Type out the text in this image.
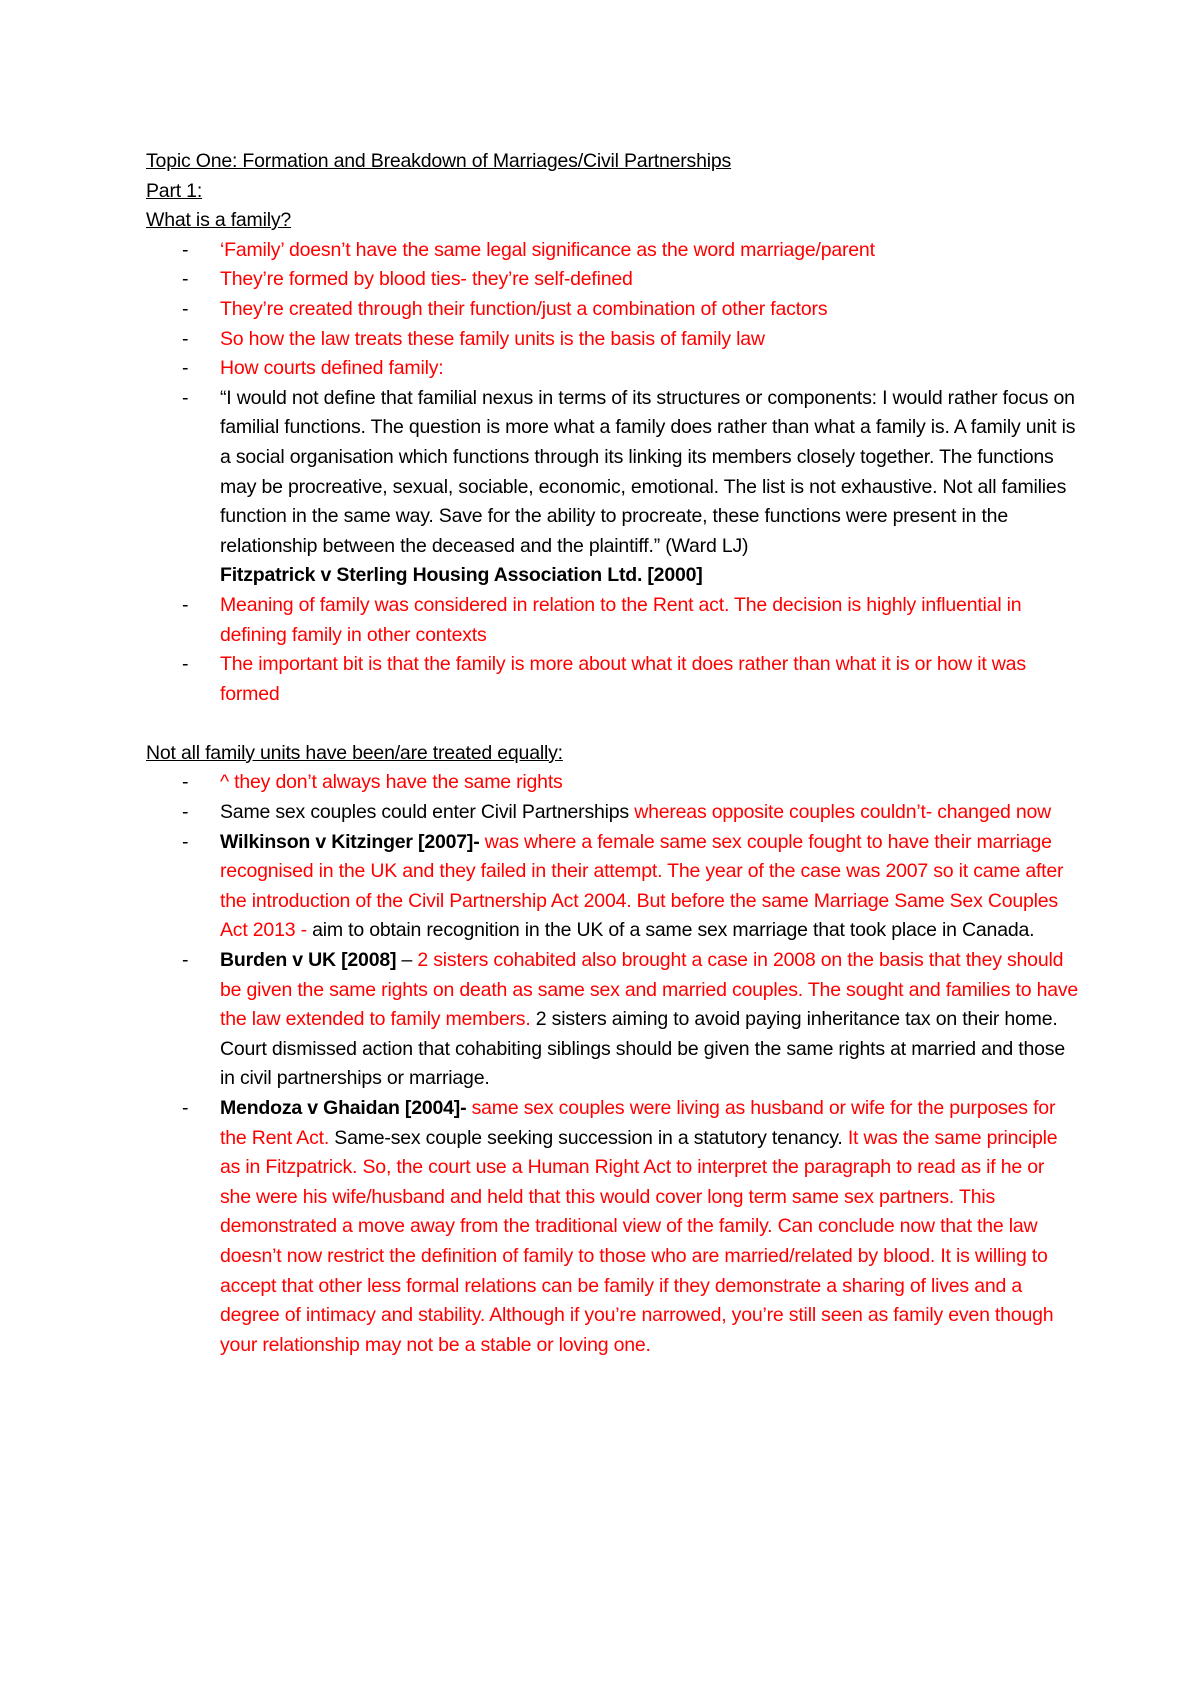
Topic One: Formation and Breakdown of Marriages/Civil Partnerships

Part 1:

What is a family?

- ‘Family’ doesn’t have the same legal significance as the word marriage/parent
- They’re formed by blood ties- they’re self-defined
- They’re created through their function/just a combination of other factors
- So how the law treats these family units is the basis of family law
- How courts defined family:
- “I would not define that familial nexus in terms of its structures or components: I would rather focus on familial functions. The question is more what a family does rather than what a family is. A family unit is a social organisation which functions through its linking its members closely together. The functions may be procreative, sexual, sociable, economic, emotional. The list is not exhaustive. Not all families function in the same way. Save for the ability to procreate, these functions were present in the relationship between the deceased and the plaintiff.” (Ward LJ)

Fitzpatrick v Sterling Housing Association Ltd. [2000]

- Meaning of family was considered in relation to the Rent act. The decision is highly influential in defining family in other contexts
- The important bit is that the family is more about what it does rather than what it is or how it was formed

Not all family units have been/are treated equally:

- ^ they don’t always have the same rights
- Same sex couples could enter Civil Partnerships whereas opposite couples couldn’t- changed now
- Wilkinson v Kitzinger [2007]- was where a female same sex couple fought to have their marriage recognised in the UK and they failed in their attempt. The year of the case was 2007 so it came after the introduction of the Civil Partnership Act 2004. But before the same Marriage Same Sex Couples Act 2013 - aim to obtain recognition in the UK of a same sex marriage that took place in Canada.
- Burden v UK [2008] – 2 sisters cohabited also brought a case in 2008 on the basis that they should be given the same rights on death as same sex and married couples. The sought and families to have the law extended to family members. 2 sisters aiming to avoid paying inheritance tax on their home. Court dismissed action that cohabiting siblings should be given the same rights at married and those in civil partnerships or marriage.
- Mendoza v Ghaidan [2004]- same sex couples were living as husband or wife for the purposes for the Rent Act. Same-sex couple seeking succession in a statutory tenancy. It was the same principle as in Fitzpatrick. So, the court use a Human Right Act to interpret the paragraph to read as if he or she were his wife/husband and held that this would cover long term same sex partners. This demonstrated a move away from the traditional view of the family. Can conclude now that the law doesn’t now restrict the definition of family to those who are married/related by blood. It is willing to accept that other less formal relations can be family if they demonstrate a sharing of lives and a degree of intimacy and stability. Although if you’re narrowed, you’re still seen as family even though your relationship may not be a stable or loving one.
